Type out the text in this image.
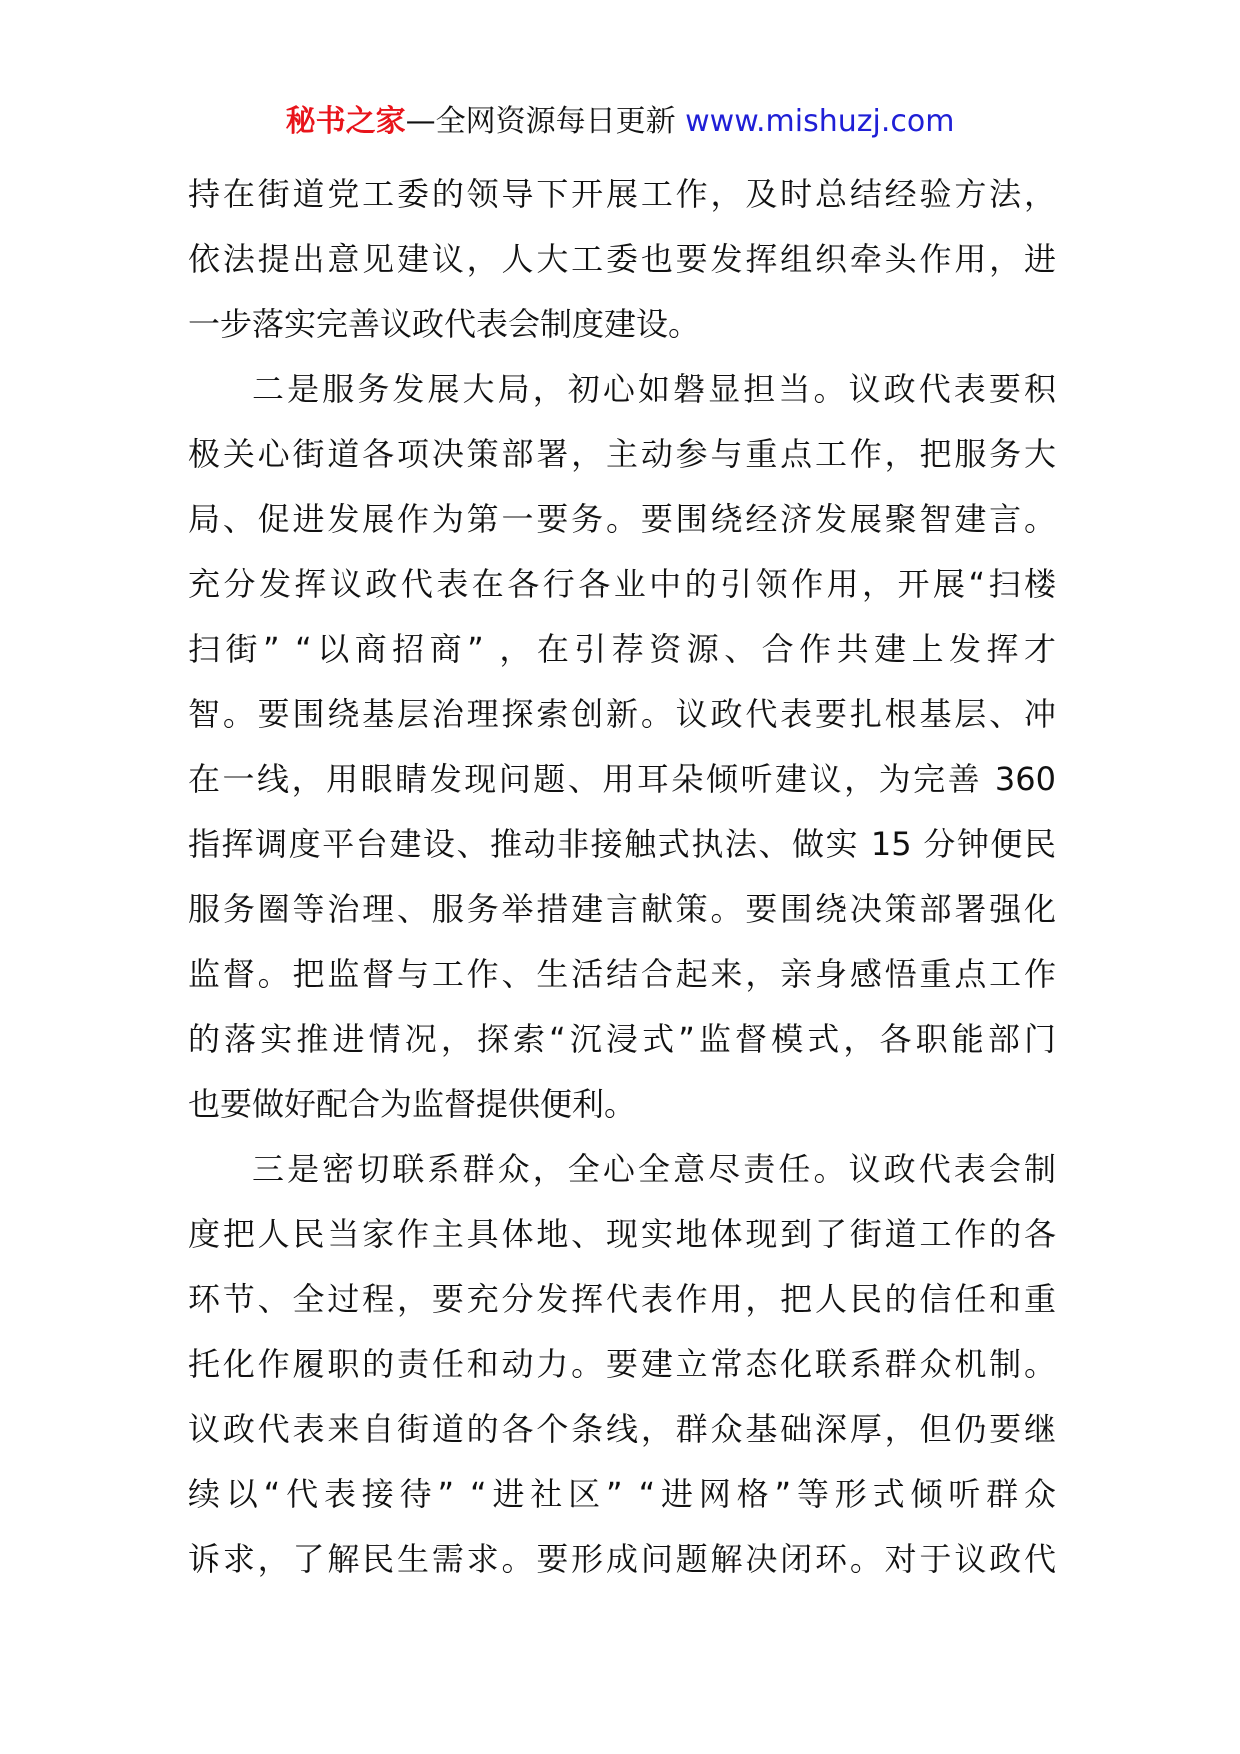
秘书之家—全网资源每日更新 www.mishuzj.com
持在街道党工委的领导下开展工作，及时总结经验方法，
依法提出意见建议，人大工委也要发挥组织牵头作用，进
一步落实完善议政代表会制度建设。
二是服务发展大局，初心如磐显担当。议政代表要积
极关心街道各项决策部署，主动参与重点工作，把服务大
局、促进发展作为第一要务。要围绕经济发展聚智建言。
充分发挥议政代表在各行各业中的引领作用，开展“扫楼
扫街” “以商招商” ，在引荐资源、合作共建上发挥才
智。要围绕基层治理探索创新。议政代表要扎根基层、冲
在一线，用眼睛发现问题、用耳朵倾听建议，为完善 360
指挥调度平台建设、推动非接触式执法、做实 15 分钟便民
服务圈等治理、服务举措建言献策。要围绕决策部署强化
监督。把监督与工作、生活结合起来，亲身感悟重点工作
的落实推进情况，探索“沉浸式”监督模式，各职能部门
也要做好配合为监督提供便利。
三是密切联系群众，全心全意尽责任。议政代表会制
度把人民当家作主具体地、现实地体现到了街道工作的各
环节、全过程，要充分发挥代表作用，把人民的信任和重
托化作履职的责任和动力。要建立常态化联系群众机制。
议政代表来自街道的各个条线，群众基础深厚，但仍要继
续以“代表接待” “进社区” “进网格”等形式倾听群众
诉求，了解民生需求。要形成问题解决闭环。对于议政代
